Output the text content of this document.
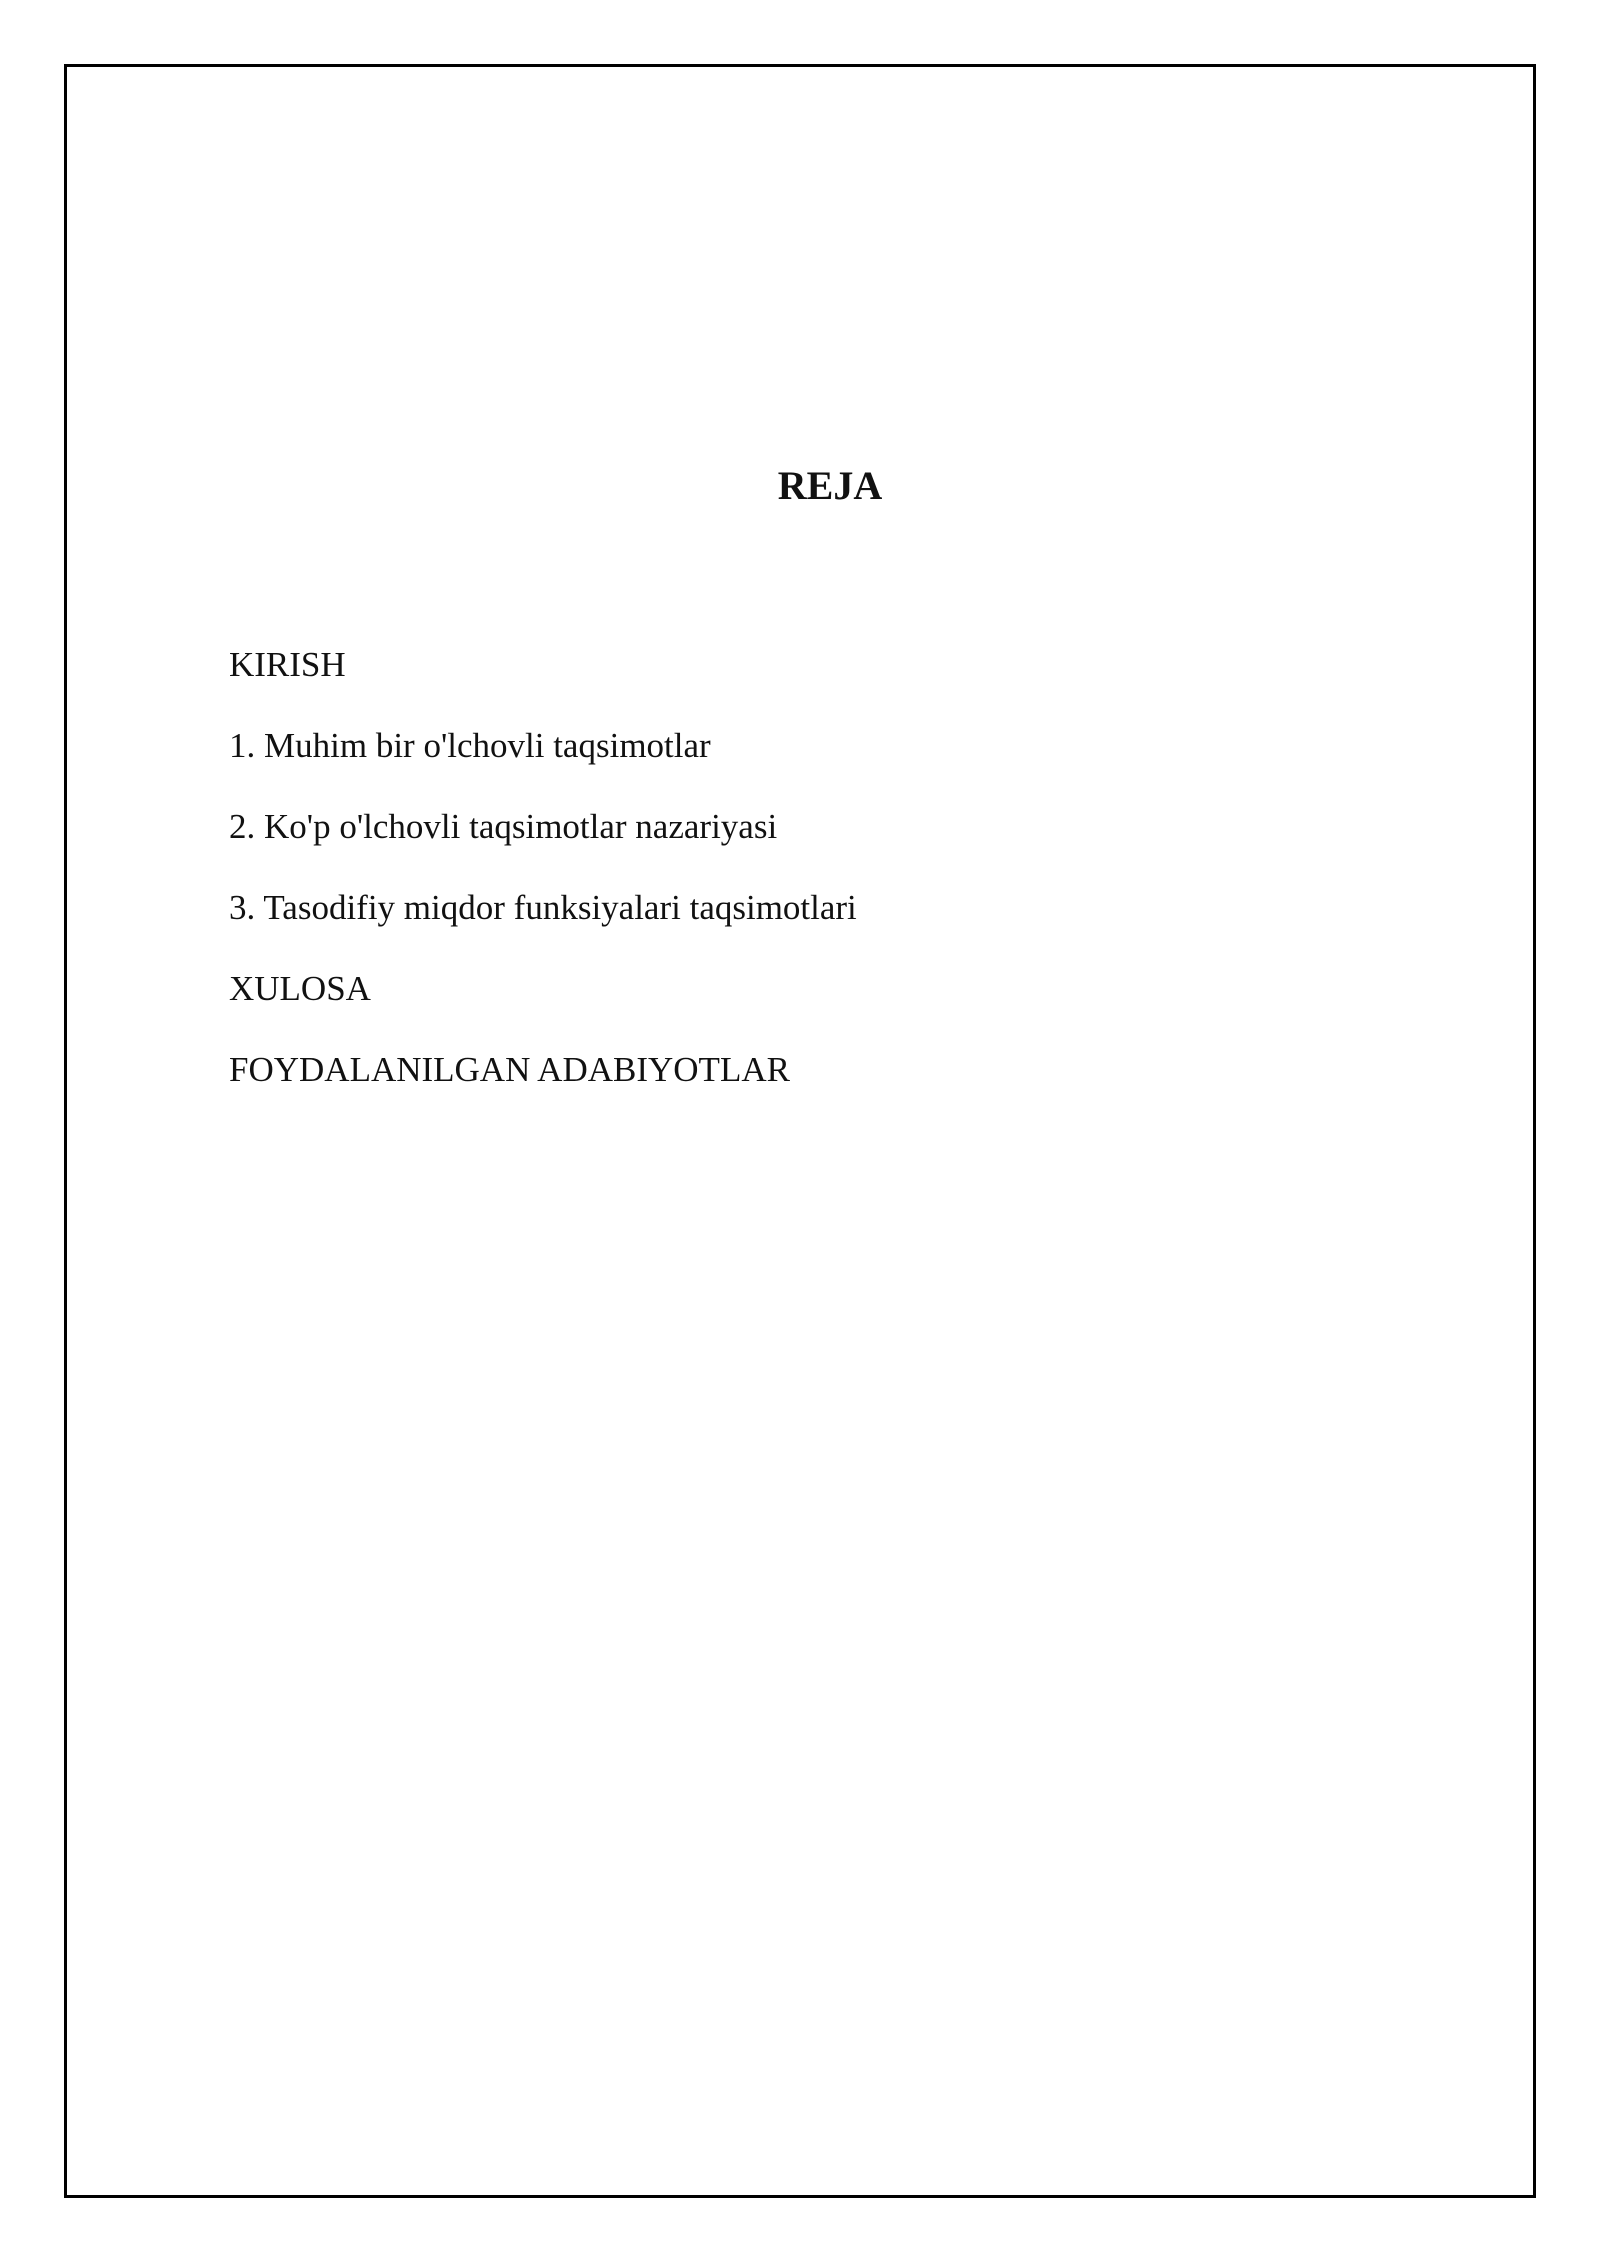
REJA
KIRISH
1. Muhim bir o'lchovli taqsimotlar
2. Ko'p o'lchovli taqsimotlar nazariyasi
3. Tasodifiy miqdor funksiyalari taqsimotlari
XULOSA
FOYDALANILGAN ADABIYOTLAR
